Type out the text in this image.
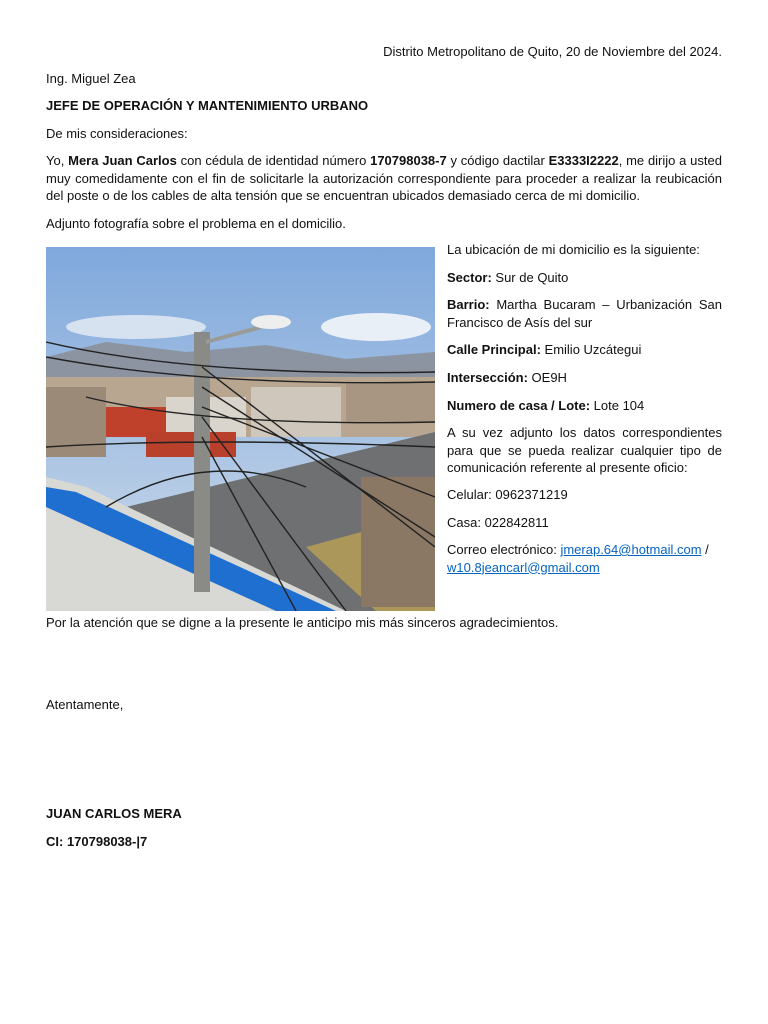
Distrito Metropolitano de Quito, 20 de Noviembre del 2024.

Ing. Miguel Zea

JEFE DE OPERACIÓN Y MANTENIMIENTO URBANO

De mis consideraciones:

Yo, Mera Juan Carlos con cédula de identidad número 170798038-7 y código dactilar E3333I2222, me dirijo a usted muy comedidamente con el fin de solicitarle la autorización correspondiente para proceder a realizar la reubicación del poste o de los cables de alta tensión que se encuentran ubicados demasiado cerca de mi domicilio.

Adjunto fotografía sobre el problema en el domicilio.

La ubicación de mi domicilio es la siguiente:

Sector: Sur de Quito

Barrio: Martha Bucaram – Urbanización San Francisco de Asís del sur

Calle Principal: Emilio Uzcátegui

Intersección: OE9H

Numero de casa / Lote: Lote 104

A su vez adjunto los datos correspondientes para que se pueda realizar cualquier tipo de comunicación referente al presente oficio:

Celular: 0962371219

Casa: 022842811

Correo electrónico: jmerap.64@hotmail.com /
w10.8jeancarl@gmail.com

Por la atención que se digne a la presente le anticipo mis más sinceros agradecimientos.

Atentamente,

JUAN CARLOS MERA

CI: 170798038-|7
